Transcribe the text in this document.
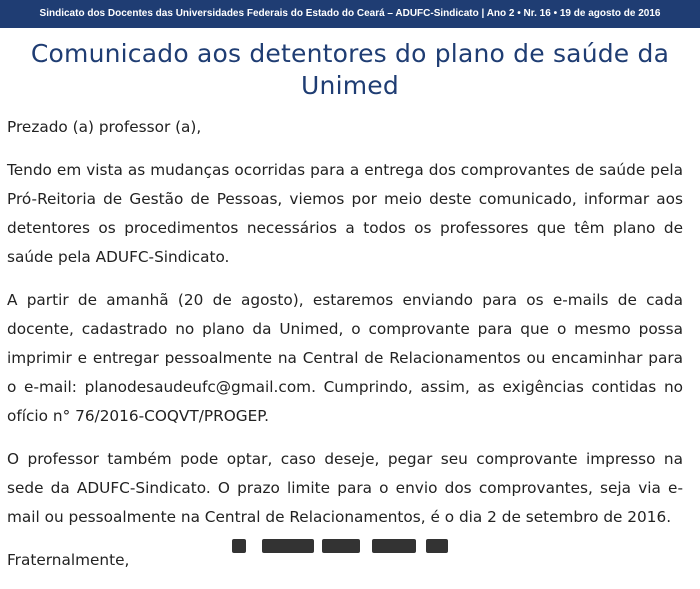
Sindicato dos Docentes das Universidades Federais do Estado do Ceará – ADUFC-Sindicato | Ano 2 • Nr. 16 • 19 de agosto de 2016
Comunicado aos detentores do plano de saúde da
Unimed

Prezado (a) professor (a),

Tendo em vista as mudanças ocorridas para a entrega dos comprovantes de saúde pela Pró-Reitoria de Gestão de Pessoas, viemos por meio deste comunicado, informar aos detentores os procedimentos necessários a todos os professores que têm plano de saúde pela ADUFC-Sindicato.

A partir de amanhã (20 de agosto), estaremos enviando para os e-mails de cada docente, cadastrado no plano da Unimed, o comprovante para que o mesmo possa imprimir e entregar pessoalmente na Central de Relacionamentos ou encaminhar para o e-mail: planodesaudeufc@gmail.com. Cumprindo, assim, as exigências contidas no ofício n° 76/2016-COQVT/PROGEP.

O professor também pode optar, caso deseje, pegar seu comprovante impresso na sede da ADUFC-Sindicato. O prazo limite para o envio dos comprovantes, seja via e-mail ou pessoalmente na Central de Relacionamentos, é o dia 2 de setembro de 2016.

Fraternalmente,
